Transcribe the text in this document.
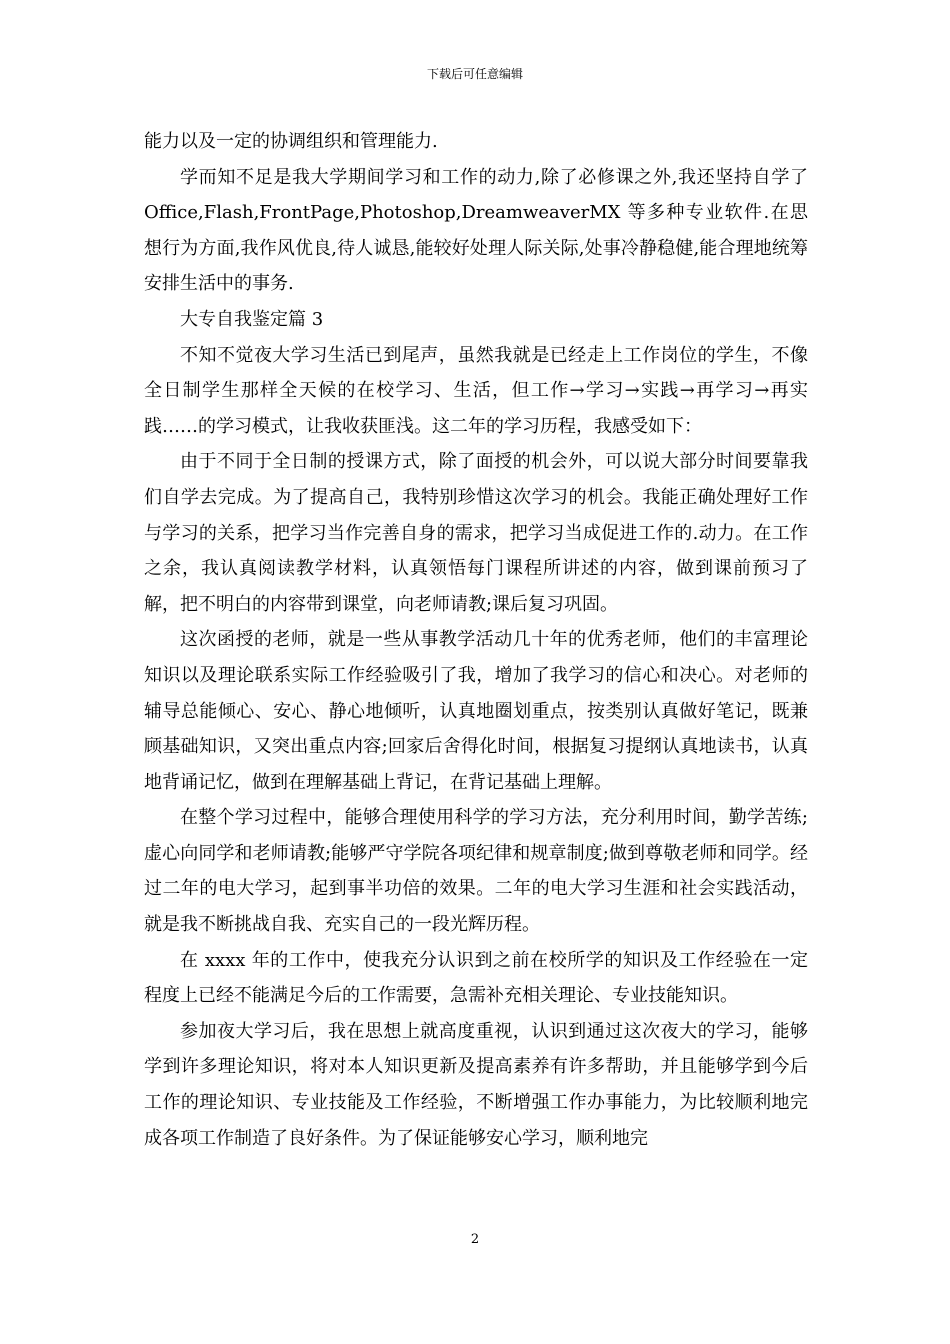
下载后可任意编辑

能力以及一定的协调组织和管理能力.

学而知不足是我大学期间学习和工作的动力,除了必修课之外,我还坚持自学了 Office,Flash,FrontPage,Photoshop,DreamweaverMX 等多种专业软件.在思想行为方面,我作风优良,待人诚恳,能较好处理人际关际,处事冷静稳健,能合理地统筹安排生活中的事务.

大专自我鉴定篇 3

不知不觉夜大学习生活已到尾声，虽然我就是已经走上工作岗位的学生，不像全日制学生那样全天候的在校学习、生活，但工作→学习→实践→再学习→再实践……的学习模式，让我收获匪浅。这二年的学习历程，我感受如下：

由于不同于全日制的授课方式，除了面授的机会外，可以说大部分时间要靠我们自学去完成。为了提高自己，我特别珍惜这次学习的机会。我能正确处理好工作与学习的关系，把学习当作完善自身的需求，把学习当成促进工作的.动力。在工作之余，我认真阅读教学材料，认真领悟每门课程所讲述的内容，做到课前预习了解，把不明白的内容带到课堂，向老师请教;课后复习巩固。

这次函授的老师，就是一些从事教学活动几十年的优秀老师，他们的丰富理论知识以及理论联系实际工作经验吸引了我，增加了我学习的信心和决心。对老师的辅导总能倾心、安心、静心地倾听，认真地圈划重点，按类别认真做好笔记，既兼顾基础知识，又突出重点内容;回家后舍得化时间，根据复习提纲认真地读书，认真地背诵记忆，做到在理解基础上背记，在背记基础上理解。

在整个学习过程中，能够合理使用科学的学习方法，充分利用时间，勤学苦练;虚心向同学和老师请教;能够严守学院各项纪律和规章制度;做到尊敬老师和同学。经过二年的电大学习，起到事半功倍的效果。二年的电大学习生涯和社会实践活动，就是我不断挑战自我、充实自己的一段光辉历程。

在 xxxx 年的工作中，使我充分认识到之前在校所学的知识及工作经验在一定程度上已经不能满足今后的工作需要，急需补充相关理论、专业技能知识。

参加夜大学习后，我在思想上就高度重视，认识到通过这次夜大的学习，能够学到许多理论知识，将对本人知识更新及提高素养有许多帮助，并且能够学到今后工作的理论知识、专业技能及工作经验，不断增强工作办事能力，为比较顺利地完成各项工作制造了良好条件。为了保证能够安心学习，顺利地完

2
